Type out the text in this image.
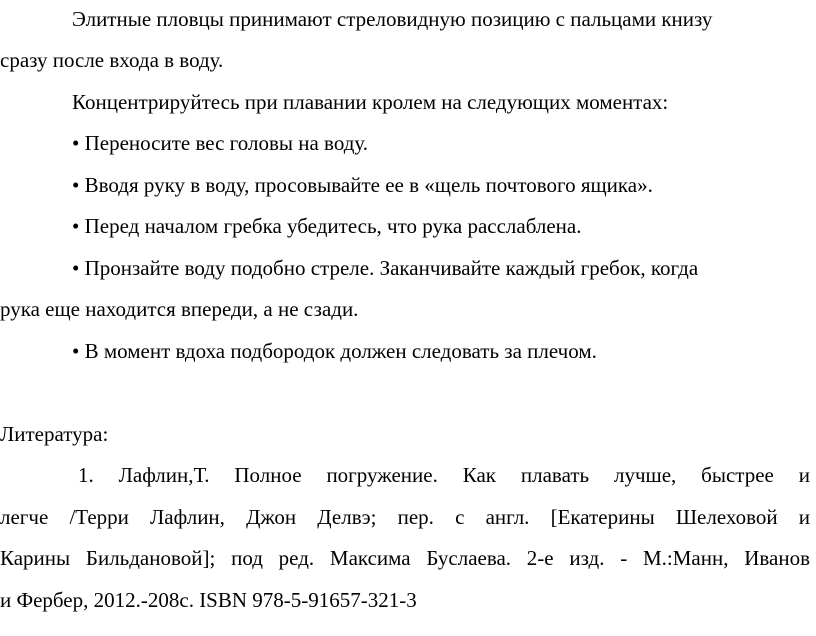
Элитные пловцы принимают стреловидную позицию с пальцами книзу
сразу после входа в воду.
Концентрируйтесь при плавании кролем на следующих моментах:
• Переносите вес головы на воду.
• Вводя руку в воду, просовывайте ее в «щель почтового ящика».
• Перед началом гребка убедитесь, что рука расслаблена.
• Пронзайте воду подобно стреле. Заканчивайте каждый гребок, когда
рука еще находится впереди, а не сзади.
• В момент вдоха подбородок должен следовать за плечом.
Литература:
1. Лафлин,Т. Полное погружение. Как плавать лучше, быстрее и
легче /Терри Лафлин, Джон Делвэ; пер. с англ. [Екатерины Шелеховой и
Карины Бильдановой]; под ред. Максима Буслаева. 2-е изд. - М.:Манн, Иванов
и Фербер, 2012.-208с. ISBN 978-5-91657-321-3
